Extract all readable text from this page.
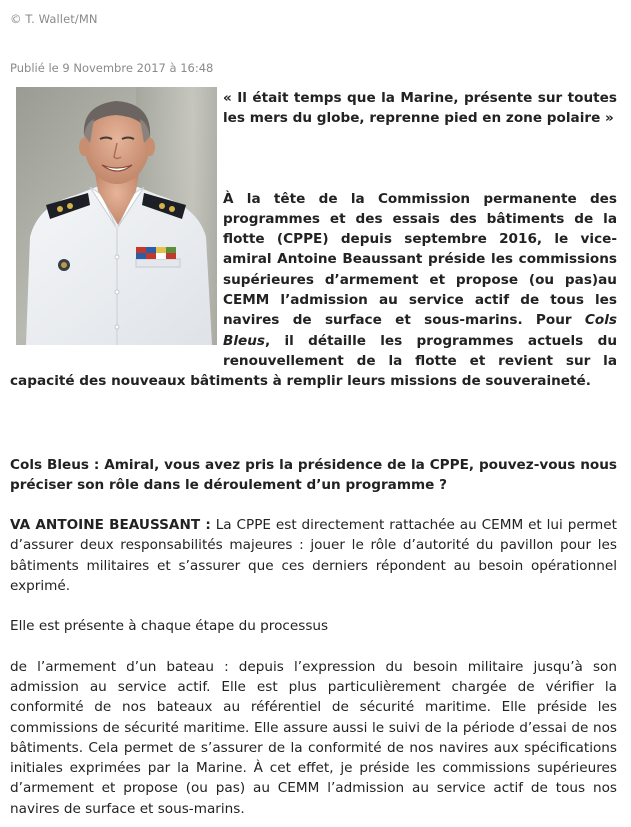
© T. Wallet/MN
Publié le 9 Novembre 2017 à 16:48

« Il était temps que la Marine, présente sur toutes les mers du globe, reprenne pied en zone polaire »

À la tête de la Commission permanente des programmes et des essais des bâtiments de la flotte (CPPE) depuis septembre 2016, le vice-amiral Antoine Beaussant préside les commissions supérieures d’armement et propose (ou pas)au CEMM l’admission au service actif de tous les navires de surface et sous-marins. Pour Cols Bleus, il détaille les programmes actuels du renouvellement de la flotte et revient sur la capacité des nouveaux bâtiments à remplir leurs missions de souveraineté.

Cols Bleus : Amiral, vous avez pris la présidence de la CPPE, pouvez-vous nous préciser son rôle dans le déroulement d’un programme ?

VA ANTOINE BEAUSSANT : La CPPE est directement rattachée au CEMM et lui permet d’assurer deux responsabilités majeures : jouer le rôle d’autorité du pavillon pour les bâtiments militaires et s’assurer que ces derniers répondent au besoin opérationnel exprimé.

Elle est présente à chaque étape du processus

de l’armement d’un bateau : depuis l’expression du besoin militaire jusqu’à son admission au service actif. Elle est plus particulièrement chargée de vérifier la conformité de nos bateaux au référentiel de sécurité maritime. Elle préside les commissions de sécurité maritime. Elle assure aussi le suivi de la période d’essai de nos bâtiments. Cela permet de s’assurer de la conformité de nos navires aux spécifications initiales exprimées par la Marine. À cet effet, je préside les commissions supérieures d’armement et propose (ou pas) au CEMM l’admission au service actif de tous nos navires de surface et sous-marins.
